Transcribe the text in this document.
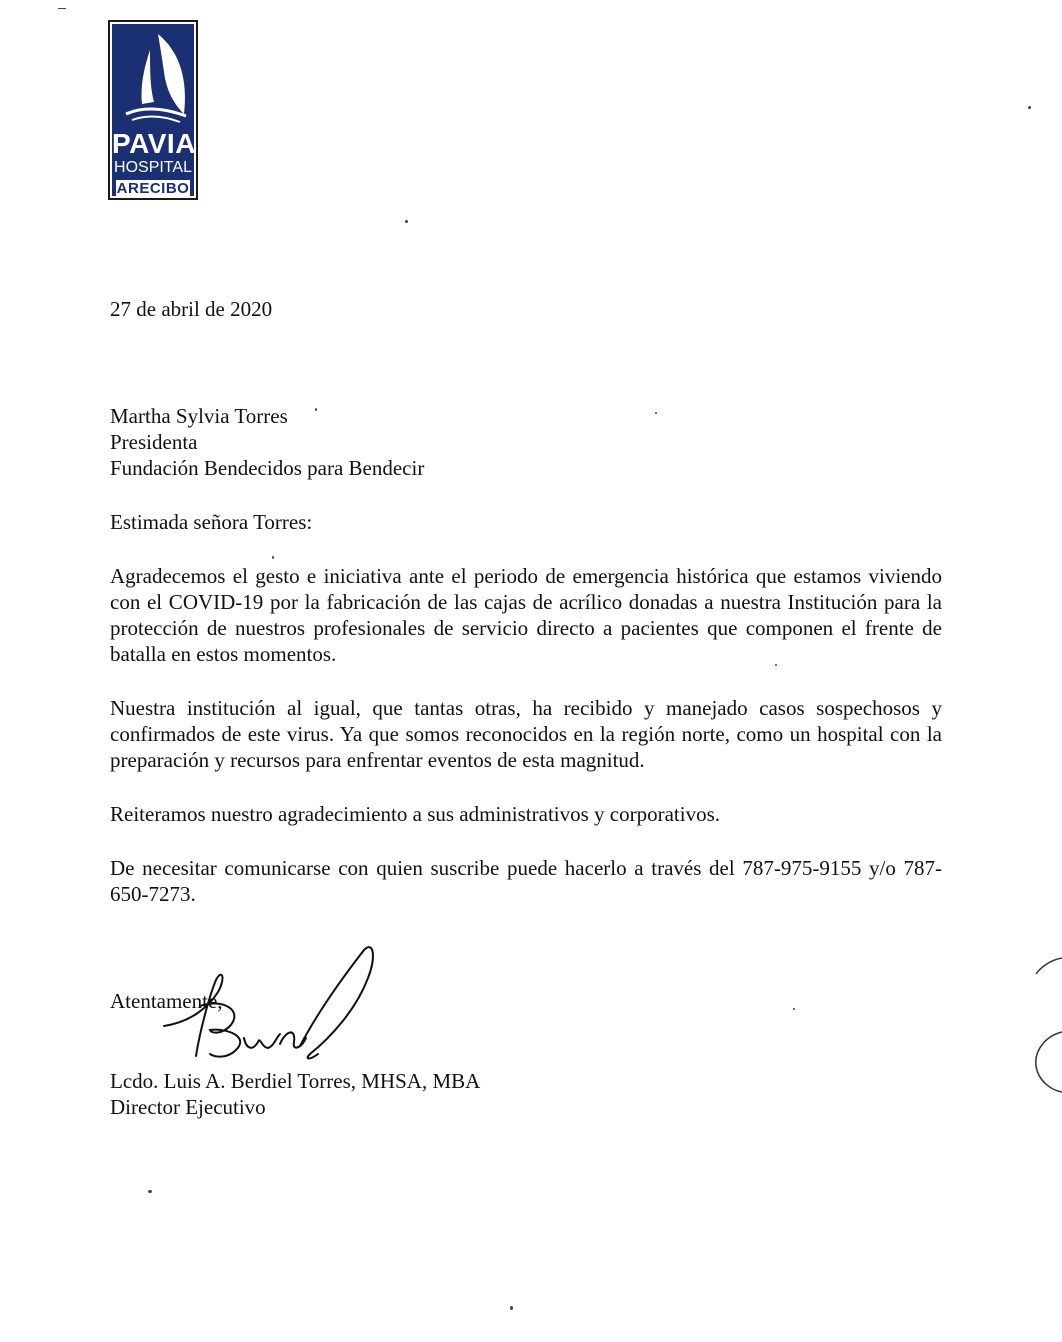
PAVIA
HOSPITAL
ARECIBO
27 de abril de 2020
Martha Sylvia Torres
Presidenta
Fundación Bendecidos para Bendecir
Estimada señora Torres:
Agradecemos el gesto e iniciativa ante el periodo de emergencia histórica que estamos viviendo con el COVID-19 por la fabricación de las cajas de acrílico donadas a nuestra Institución para la protección de nuestros profesionales de servicio directo a pacientes que componen el frente de batalla en estos momentos.
Nuestra institución al igual, que tantas otras, ha recibido y manejado casos sospechosos y confirmados de este virus. Ya que somos reconocidos en la región norte, como un hospital con la preparación y recursos para enfrentar eventos de esta magnitud.
Reiteramos nuestro agradecimiento a sus administrativos y corporativos.
De necesitar comunicarse con quien suscribe puede hacerlo a través del 787-975-9155 y/o 787-650-7273.
Atentamente,
Lcdo. Luis A. Berdiel Torres, MHSA, MBA
Director Ejecutivo
